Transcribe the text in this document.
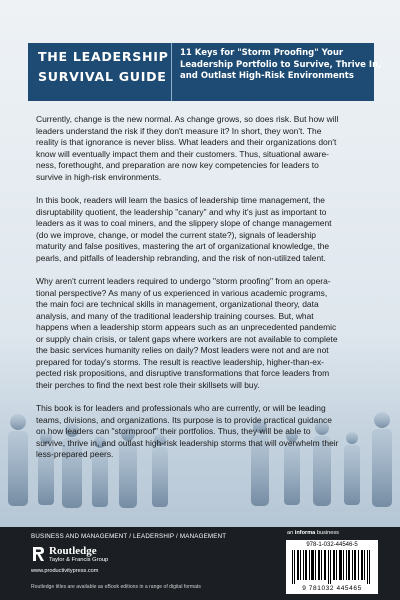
THE LEADERSHIP
SURVIVAL GUIDE
11 Keys for "Storm Proofing" Your
Leadership Portfolio to Survive, Thrive In,
and Outlast High-Risk Environments

Currently, change is the new normal. As change grows, so does risk. But how will
leaders understand the risk if they don't measure it? In short, they won't. The
reality is that ignorance is never bliss. What leaders and their organizations don't
know will eventually impact them and their customers. Thus, situational aware-
ness, forethought, and preparation are now key competencies for leaders to
survive in high-risk environments.

In this book, readers will learn the basics of leadership time management, the
disruptability quotient, the leadership "canary" and why it's just as important to
leaders as it was to coal miners, and the slippery slope of change management
(do we improve, change, or model the current state?), signals of leadership
maturity and false positives, mastering the art of organizational knowledge, the
pearls, and pitfalls of leadership rebranding, and the risk of non-utilized talent.

Why aren't current leaders required to undergo "storm proofing" from an opera-
tional perspective? As many of us experienced in various academic programs,
the main foci are technical skills in management, organizational theory, data
analysis, and many of the traditional leadership training courses. But, what
happens when a leadership storm appears such as an unprecedented pandemic
or supply chain crisis, or talent gaps where workers are not available to complete
the basic services humanity relies on daily? Most leaders were not and are not
prepared for today's storms. The result is reactive leadership, higher-than-ex-
pected risk propositions, and disruptive transformations that force leaders from
their perches to find the next best role their skillsets will buy.

This book is for leaders and professionals who are currently, or will be leading
teams, divisions, and organizations. Its purpose is to provide practical guidance
on how leaders can "stormproof" their portfolios. Thus, they will be able to
survive, thrive in, and outlast high-risk leadership storms that will overwhelm their
less-prepared peers.

BUSINESS AND MANAGEMENT / LEADERSHIP / MANAGEMENT	an informa business
Routledge
Taylor & Francis Group
www.productivitypress.com
Routledge titles are available as eBook editions in a range of digital formats
978-1-032-44546-5
9 781032 445465
